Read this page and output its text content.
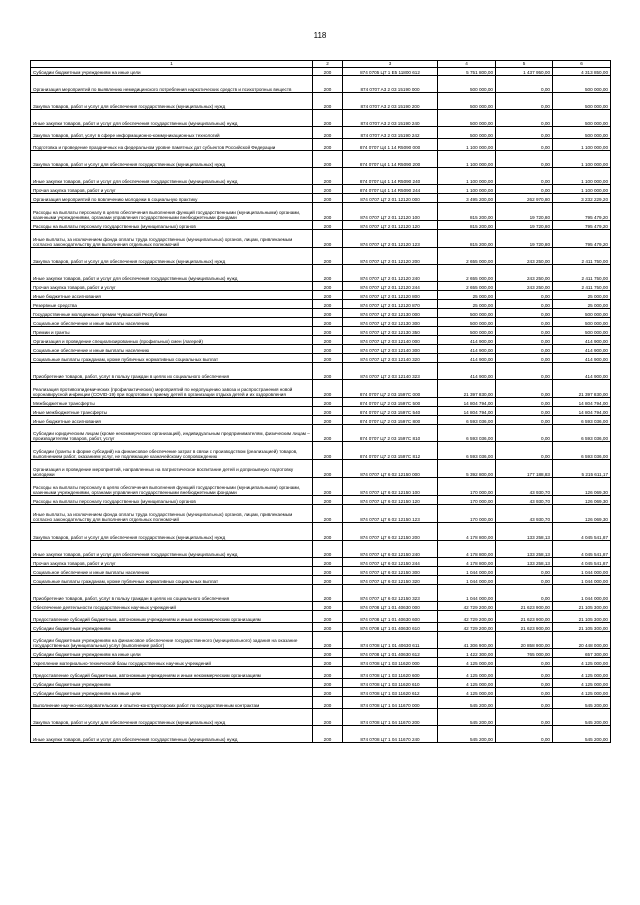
118
1	2	3	4	5	6
Субсидии бюджетным учреждениям на иные цели	200	874 0705 Ц7 1 E5 11800 612	5 751 800,00	1 437 950,00	4 313 850,00
Организация мероприятий по выявлению немедицинского потребления наркотических средств и психотропных веществ	200	874 0707 A3 2 03 15190 000	500 000,00	0,00	500 000,00
Закупка товаров, работ и услуг для обеспечения государственных (муниципальных) нужд	200	874 0707 A3 2 03 15190 200	500 000,00	0,00	500 000,00
Иные закупки товаров, работ и услуг для обеспечения государственных (муниципальных) нужд	200	874 0707 A3 2 03 15190 240	500 000,00	0,00	500 000,00
Закупка товаров, работ, услуг в сфере информационно-коммуникационных технологий	200	874 0707 A3 2 03 15190 242	500 000,00	0,00	500 000,00
Подготовка и проведение праздничных на федеральном уровне памятных дат субъектов Российской Федерации	200	874 0707 Ц4 1 14 R5090 000	1 100 000,00	0,00	1 100 000,00
Закупка товаров, работ и услуг для обеспечения государственных (муниципальных) нужд	200	874 0707 Ц4 1 14 R5090 200	1 100 000,00	0,00	1 100 000,00
Иные закупки товаров, работ и услуг для обеспечения государственных (муниципальных) нужд	200	874 0707 Ц4 1 14 R5090 240	1 100 000,00	0,00	1 100 000,00
Прочая закупка товаров, работ и услуг	200	874 0707 Ц4 1 14 R5090 244	1 100 000,00	0,00	1 100 000,00
Организация мероприятий по вовлечению молодежи в социальную практику	200	874 0707 Ц7 2 01 12120 000	3 495 200,00	262 970,80	3 232 229,20
Расходы на выплаты персоналу в целях обеспечения выполнения функций государственными (муниципальными) органами, казенными учреждениями, органами управления государственными внебюджетными фондами	200	874 0707 Ц7 2 01 12120 100	815 200,00	19 720,80	795 479,20
Расходы на выплаты персоналу государственных (муниципальных) органов	200	874 0707 Ц7 2 01 12120 120	815 200,00	19 720,80	795 479,20
Иные выплаты, за исключением фонда оплаты труда государственных (муниципальных) органов, лицам, привлекаемым согласно законодательству для выполнения отдельных полномочий	200	874 0707 Ц7 2 01 12120 123	815 200,00	19 720,80	795 479,20
Закупка товаров, работ и услуг для обеспечения государственных (муниципальных) нужд	200	874 0707 Ц7 2 01 12120 200	2 655 000,00	243 250,00	2 411 750,00
Иные закупки товаров, работ и услуг для обеспечения государственных (муниципальных) нужд	200	874 0707 Ц7 2 01 12120 240	2 655 000,00	243 250,00	2 411 750,00
Прочая закупка товаров, работ и услуг	200	874 0707 Ц7 2 01 12120 244	2 655 000,00	243 250,00	2 411 750,00
Иные бюджетные ассигнования	200	874 0707 Ц7 2 01 12120 800	25 000,00	0,00	25 000,00
Резервные средства	200	874 0707 Ц7 2 01 12120 870	25 000,00	0,00	25 000,00
Государственные молодежные премии Чувашской Республики	200	874 0707 Ц7 2 02 12130 000	500 000,00	0,00	500 000,00
Социальное обеспечение и иные выплаты населению	200	874 0707 Ц7 2 02 12130 300	500 000,00	0,00	500 000,00
Премии и гранты	200	874 0707 Ц7 2 02 12130 350	500 000,00	0,00	500 000,00
Организация и проведение специализированных (профильных) смен (лагерей)	200	874 0707 Ц7 2 03 12140 000	414 900,00	0,00	414 900,00
Социальное обеспечение и иные выплаты населению	200	874 0707 Ц7 2 03 12140 300	414 900,00	0,00	414 900,00
Социальные выплаты гражданам, кроме публичных нормативных социальных выплат	200	874 0707 Ц7 2 03 12140 320	414 900,00	0,00	414 900,00
Приобретение товаров, работ, услуг в пользу граждан в целях их социального обеспечения	200	874 0707 Ц7 2 03 12140 323	414 900,00	0,00	414 900,00
Реализация противоэпидемических (профилактических) мероприятий по недопущению завоза и распространения новой коронавирусной инфекции (COVID-19) при подготовке к приему детей в организации отдыха детей и их оздоровления	200	874 0707 Ц7 2 03 1597C 000	21 397 830,00	0,00	21 397 830,00
Межбюджетные трансферты	200	874 0707 Ц7 2 03 1597C 500	14 804 794,00	0,00	14 804 794,00
Иные межбюджетные трансферты	200	874 0707 Ц7 2 03 1597C 540	14 804 794,00	0,00	14 804 794,00
Иные бюджетные ассигнования	200	874 0707 Ц7 2 03 1597C 800	6 593 036,00	0,00	6 593 036,00
Субсидии юридическим лицам (кроме некоммерческих организаций), индивидуальным предпринимателям, физическим лицам – производителям товаров, работ, услуг	200	874 0707 Ц7 2 03 1597C 810	6 593 036,00	0,00	6 593 036,00
Субсидии (гранты в форме субсидий) на финансовое обеспечение затрат в связи с производством (реализацией) товаров, выполнением работ, оказанием услуг, не подлежащие казначейскому сопровождению	200	874 0707 Ц7 2 03 1597C 812	6 593 036,00	0,00	6 593 036,00
Организация и проведение мероприятий, направленных на патриотическое воспитание детей и допризывную подготовку молодежи	200	874 0707 Ц7 6 02 12150 000	5 392 800,00	177 188,83	5 215 611,17
Расходы на выплаты персоналу в целях обеспечения выполнения функций государственными (муниципальными) органами, казенными учреждениями, органами управления государственными внебюджетными фондами	200	874 0707 Ц7 6 02 12150 100	170 000,00	43 930,70	126 069,30
Расходы на выплаты персоналу государственных (муниципальных) органов	200	874 0707 Ц7 6 02 12150 120	170 000,00	43 930,70	126 069,30
Иные выплаты, за исключением фонда оплаты труда государственных (муниципальных) органов, лицам, привлекаемым согласно законодательству для выполнения отдельных полномочий	200	874 0707 Ц7 6 02 12150 123	170 000,00	43 930,70	126 069,30
Закупка товаров, работ и услуг для обеспечения государственных (муниципальных) нужд	200	874 0707 Ц7 6 02 12150 200	4 178 800,00	133 258,13	4 045 541,87
Иные закупки товаров, работ и услуг для обеспечения государственных (муниципальных) нужд	200	874 0707 Ц7 6 02 12150 240	4 178 800,00	133 258,13	4 045 541,87
Прочая закупка товаров, работ и услуг	200	874 0707 Ц7 6 02 12150 244	4 178 800,00	133 258,13	4 045 541,87
Социальное обеспечение и иные выплаты населению	200	874 0707 Ц7 6 02 12150 300	1 044 000,00	0,00	1 044 000,00
Социальные выплаты гражданам, кроме публичных нормативных социальных выплат	200	874 0707 Ц7 6 02 12150 320	1 044 000,00	0,00	1 044 000,00
Приобретение товаров, работ, услуг в пользу граждан в целях их социального обеспечения	200	874 0707 Ц7 6 02 12150 323	1 044 000,00	0,00	1 044 000,00
Обеспечение деятельности государственных научных учреждений	200	874 0708 Ц7 1 01 40630 000	42 729 200,00	21 623 900,00	21 105 300,00
Предоставление субсидий бюджетным, автономным учреждениям и иным некоммерческим организациям	200	874 0708 Ц7 1 01 40630 600	42 729 200,00	21 623 900,00	21 105 300,00
Субсидии бюджетным учреждениям	200	874 0708 Ц7 1 01 40630 610	42 729 200,00	21 623 900,00	21 105 300,00
Субсидии бюджетным учреждениям на финансовое обеспечение государственного (муниципального) задания на оказание государственных (муниципальных) услуг (выполнение работ)	200	874 0708 Ц7 1 01 40630 611	41 306 900,00	20 858 900,00	20 448 000,00
Субсидии бюджетным учреждениям на иные цели	200	874 0708 Ц7 1 01 40630 612	1 422 300,00	765 000,00	657 300,00
Укрепление материально-технической базы государственных научных учреждений	200	874 0708 Ц7 1 03 11620 000	4 125 000,00	0,00	4 125 000,00
Предоставление субсидий бюджетным, автономным учреждениям и иным некоммерческим организациям	200	874 0708 Ц7 1 03 11620 600	4 125 000,00	0,00	4 125 000,00
Субсидии бюджетным учреждениям	200	874 0708 Ц7 1 03 11620 610	4 125 000,00	0,00	4 125 000,00
Субсидии бюджетным учреждениям на иные цели	200	874 0708 Ц7 1 03 11620 612	4 125 000,00	0,00	4 125 000,00
Выполнение научно-исследовательских и опытно-конструкторских работ по государственным контрактам	200	874 0708 Ц7 1 04 11670 000	545 200,00	0,00	545 200,00
Закупка товаров, работ и услуг для обеспечения государственных (муниципальных) нужд	200	874 0708 Ц7 1 04 11670 200	545 200,00	0,00	545 200,00
Иные закупки товаров, работ и услуг для обеспечения государственных (муниципальных) нужд	200	874 0708 Ц7 1 04 11670 240	545 200,00	0,00	545 200,00
